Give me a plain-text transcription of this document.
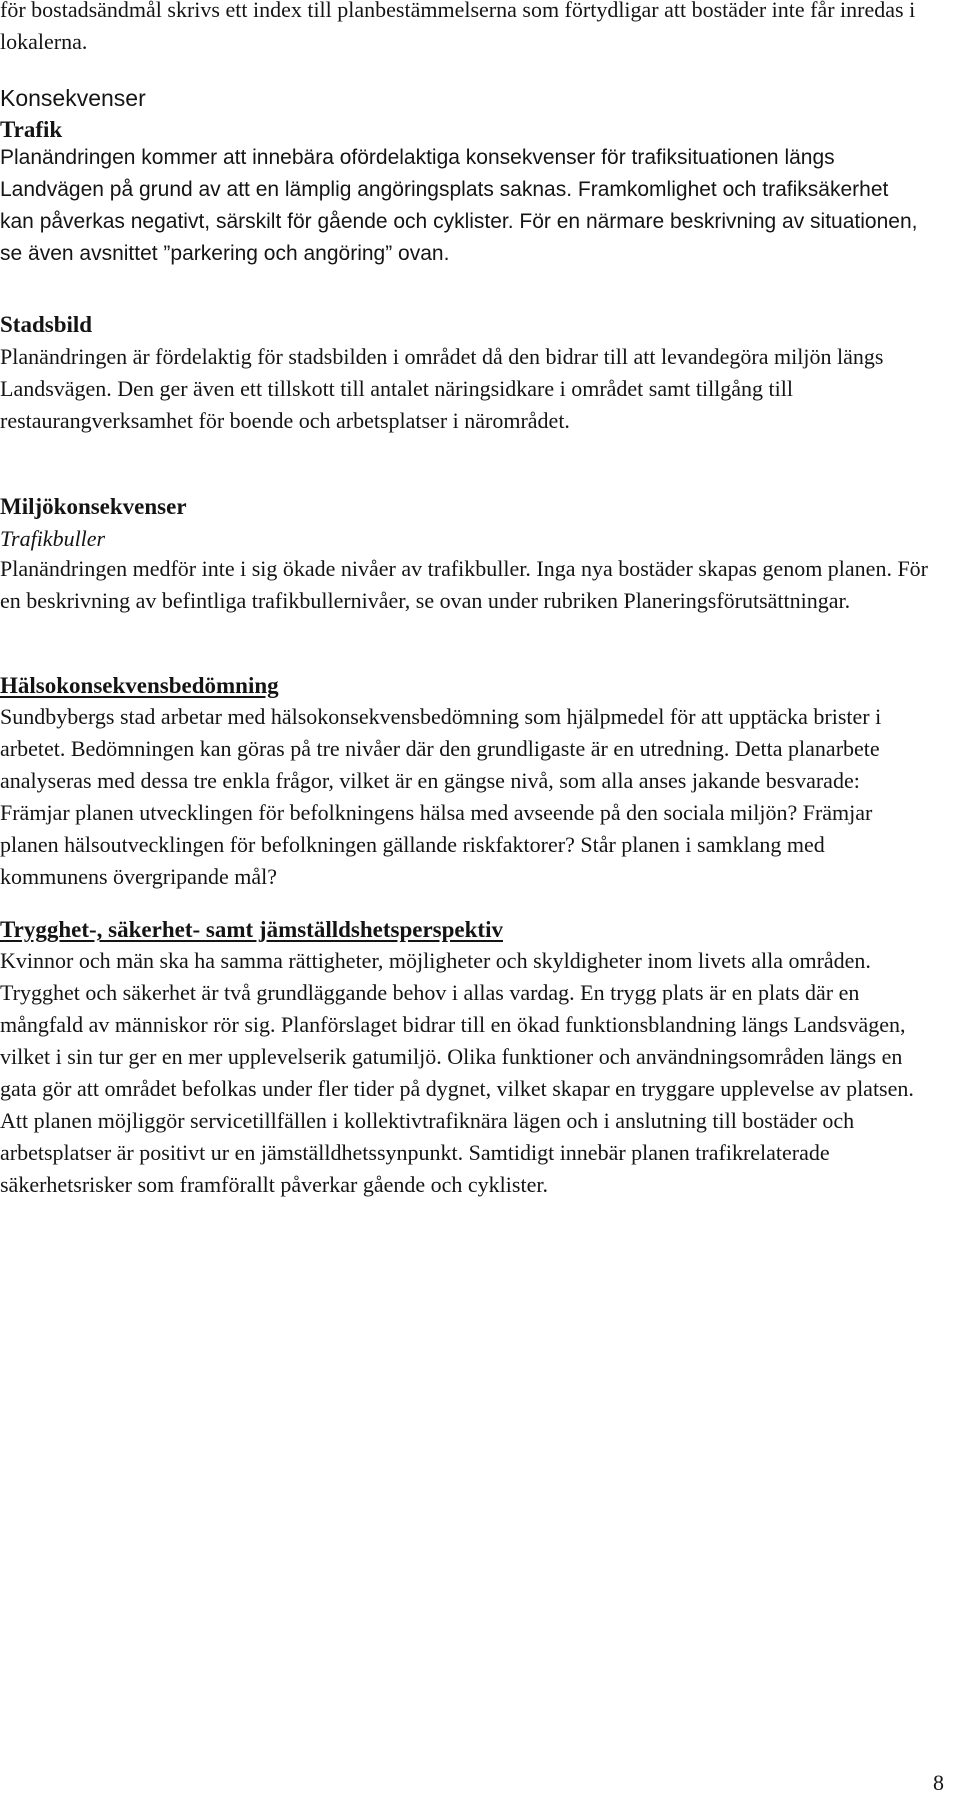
för bostadsändmål skrivs ett index till planbestämmelserna som förtydligar att bostäder inte får inredas i lokalerna.

Konsekvenser
Trafik

Planändringen kommer att innebära ofördelaktiga konsekvenser för trafiksituationen längs Landvägen på grund av att en lämplig angöringsplats saknas. Framkomlighet och trafiksäkerhet kan påverkas negativt, särskilt för gående och cyklister. För en närmare beskrivning av situationen, se även avsnittet ”parkering och angöring” ovan.

Stadsbild

Planändringen är fördelaktig för stadsbilden i området då den bidrar till att levandegöra miljön längs Landsvägen. Den ger även ett tillskott till antalet näringsidkare i området samt tillgång till restaurangverksamhet för boende och arbetsplatser i närområdet.

Miljökonsekvenser
Trafikbuller

Planändringen medför inte i sig ökade nivåer av trafikbuller. Inga nya bostäder skapas genom planen. För en beskrivning av befintliga trafikbullernivåer, se ovan under rubriken Planeringsförutsättningar.

Hälsokonsekvensbedömning

Sundbybergs stad arbetar med hälsokonsekvensbedömning som hjälpmedel för att upptäcka brister i arbetet. Bedömningen kan göras på tre nivåer där den grundligaste är en utredning. Detta planarbete analyseras med dessa tre enkla frågor, vilket är en gängse nivå, som alla anses jakande besvarade: Främjar planen utvecklingen för befolkningens hälsa med avseende på den sociala miljön? Främjar planen hälsoutvecklingen för befolkningen gällande riskfaktorer? Står planen i samklang med kommunens övergripande mål?

Trygghet-, säkerhet- samt jämställdshetsperspektiv

Kvinnor och män ska ha samma rättigheter, möjligheter och skyldigheter inom livets alla områden. Trygghet och säkerhet är två grundläggande behov i allas vardag. En trygg plats är en plats där en mångfald av människor rör sig. Planförslaget bidrar till en ökad funktionsblandning längs Landsvägen, vilket i sin tur ger en mer upplevelserik gatumiljö. Olika funktioner och användningsområden längs en gata gör att området befolkas under fler tider på dygnet, vilket skapar en tryggare upplevelse av platsen. Att planen möjliggör servicetillfällen i kollektivtrafiknära lägen och i anslutning till bostäder och arbetsplatser är positivt ur en jämställdhetssynpunkt. Samtidigt innebär planen trafikrelaterade säkerhetsrisker som framförallt påverkar gående och cyklister.

8
